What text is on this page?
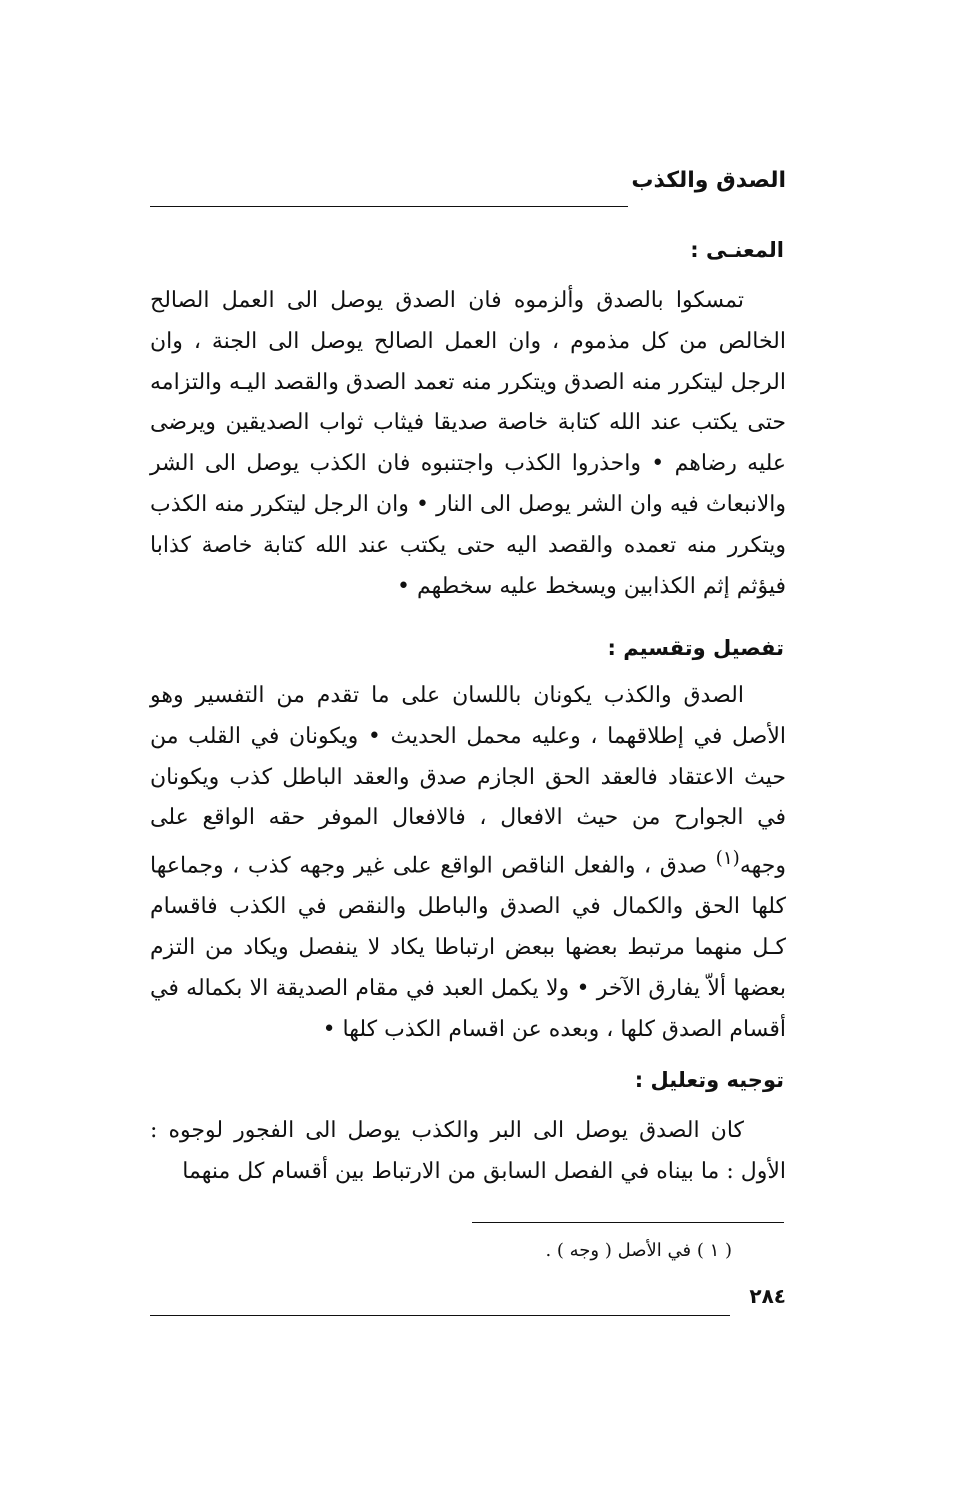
الصدق والكذب
المعنـى :

تمسكوا بالصدق وألزموه فان الصدق يوصل الى العمل الصالح الخالص من كل مذموم ، وان العمل الصالح يوصل الى الجنة ، وان الرجل ليتكرر منه الصدق ويتكرر منه تعمد الصدق والقصد اليـه والتزامه حتى يكتب عند الله كتابة خاصة صديقا فيثاب ثواب الصديقين ويرضى عليه رضاهم • واحذروا الكذب واجتنبوه فان الكذب يوصل الى الشر والانبعاث فيه وان الشر يوصل الى النار • وان الرجل ليتكرر منه الكذب ويتكرر منه تعمده والقصد اليه حتى يكتب عند الله كتابة خاصة كذابا فيؤثم إثم الكذابين ويسخط عليه سخطهم •

تفصيل وتقسيم :

الصدق والكذب يكونان باللسان على ما تقدم من التفسير وهو الأصل في إطلاقهما ، وعليه محمل الحديث • ويكونان في القلب من حيث الاعتقاد فالعقد الحق الجازم صدق والعقد الباطل كذب ويكونان في الجوارح من حيث الافعال ، فالافعال الموفر حقه الواقع على وجهه$^{(١)}$ صدق ، والفعل الناقص الواقع على غير وجهه كذب ، وجماعها كلها الحق والكمال في الصدق والباطل والنقص في الكذب فاقسام كـل منهما مرتبط بعضها ببعض ارتباطا يكاد لا ينفصل ويكاد من التزم بعضها ألاّ يفارق الآخر • ولا يكمل العبد في مقام الصديقة الا بكماله في أقسام الصدق كلها ، وبعده عن اقسام الكذب كلها •

توجيه وتعليل :

كان الصدق يوصل الى البر والكذب يوصل الى الفجور لوجوه : الأول : ما بيناه في الفصل السابق من الارتباط بين أقسام كل منهما

( ١ ) في الأصل ( وجه ) .
٢٨٤
